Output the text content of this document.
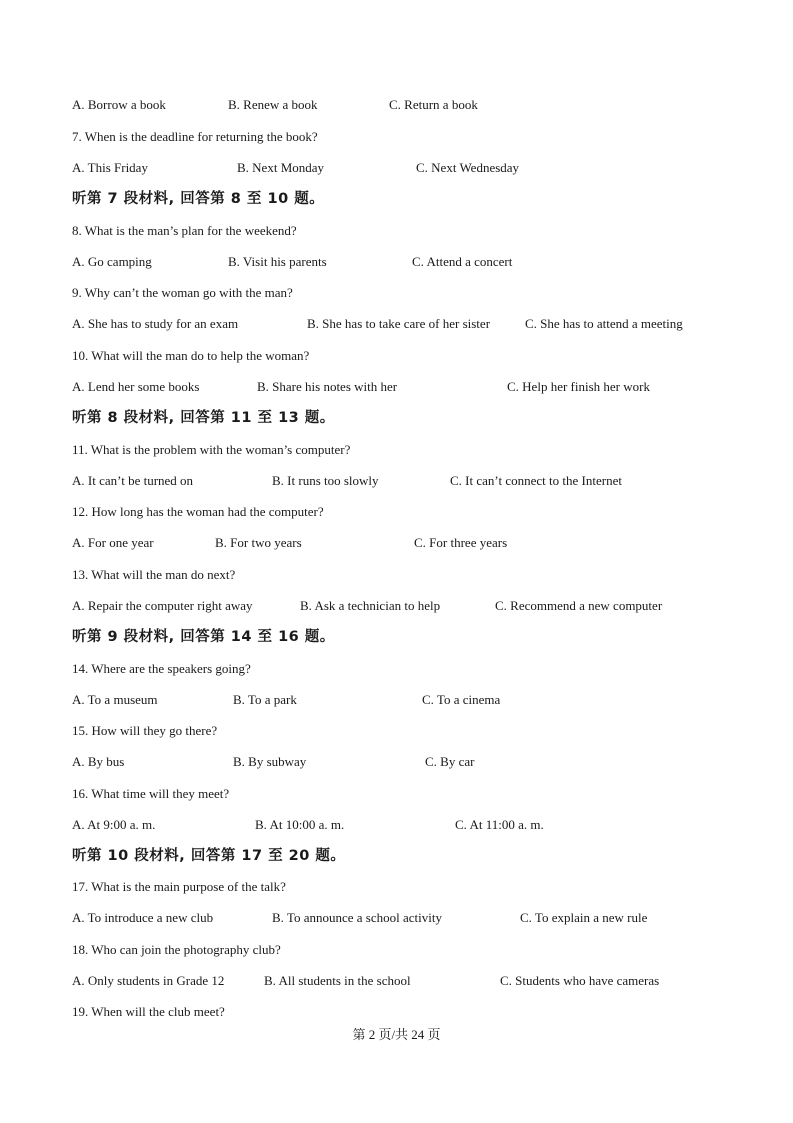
A. Borrow a book	B. Renew a book	C. Return a book
7. When is the deadline for returning the book?
A. This Friday	B. Next Monday	C. Next Wednesday
听第 7 段材料, 回答第 8 至 10 题。
8. What is the man’s plan for the weekend?
A. Go camping	B. Visit his parents	C. Attend a concert
9. Why can’t the woman go with the man?
A. She has to study for an exam	B. She has to take care of her sister	C. She has to attend a meeting
10. What will the man do to help the woman?
A. Lend her some books	B. Share his notes with her	C. Help her finish her work
听第 8 段材料, 回答第 11 至 13 题。
11. What is the problem with the woman’s computer?
A. It can’t be turned on	B. It runs too slowly	C. It can’t connect to the Internet
12. How long has the woman had the computer?
A. For one year	B. For two years	C. For three years
13. What will the man do next?
A. Repair the computer right away	B. Ask a technician to help	C. Recommend a new computer
听第 9 段材料, 回答第 14 至 16 题。
14. Where are the speakers going?
A. To a museum	B. To a park	C. To a cinema
15. How will they go there?
A. By bus	B. By subway	C. By car
16. What time will they meet?
A. At 9:00 a. m.	B. At 10:00 a. m.	C. At 11:00 a. m.
听第 10 段材料, 回答第 17 至 20 题。
17. What is the main purpose of the talk?
A. To introduce a new club	B. To announce a school activity	C. To explain a new rule
18. Who can join the photography club?
A. Only students in Grade 12	B. All students in the school	C. Students who have cameras
19. When will the club meet?
第 2 页/共 24 页
